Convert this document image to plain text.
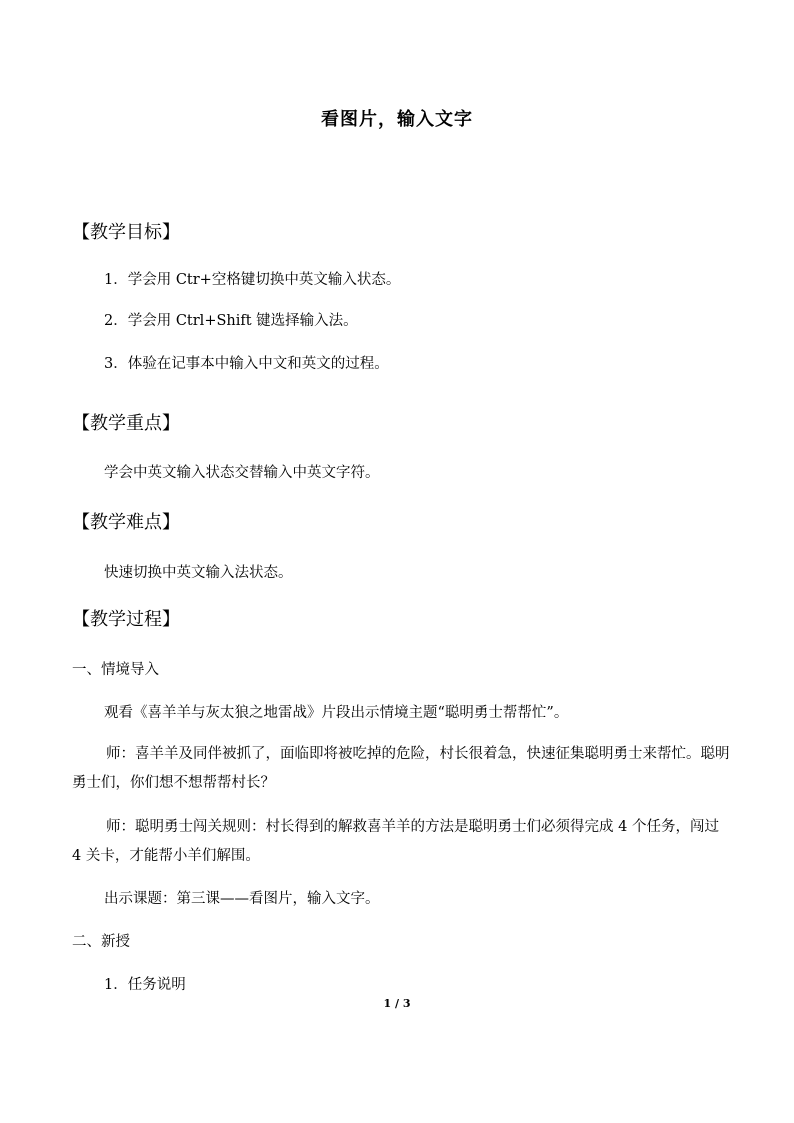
看图片，输入文字
【教学目标】
1．学会用 Ctr+空格键切换中英文输入状态。
2．学会用 Ctrl+Shift 键选择输入法。
3．体验在记事本中输入中文和英文的过程。
【教学重点】
学会中英文输入状态交替输入中英文字符。
【教学难点】
快速切换中英文输入法状态。
【教学过程】
一、情境导入
观看《喜羊羊与灰太狼之地雷战》片段出示情境主题“聪明勇士帮帮忙”。
师：喜羊羊及同伴被抓了，面临即将被吃掉的危险，村长很着急，快速征集聪明勇士来帮忙。聪明勇士们，你们想不想帮帮村长？
师：聪明勇士闯关规则：村长得到的解救喜羊羊的方法是聪明勇士们必须得完成 4 个任务，闯过 4 关卡，才能帮小羊们解围。
出示课题：第三课——看图片，输入文字。
二、新授
1．任务说明
1 / 3
